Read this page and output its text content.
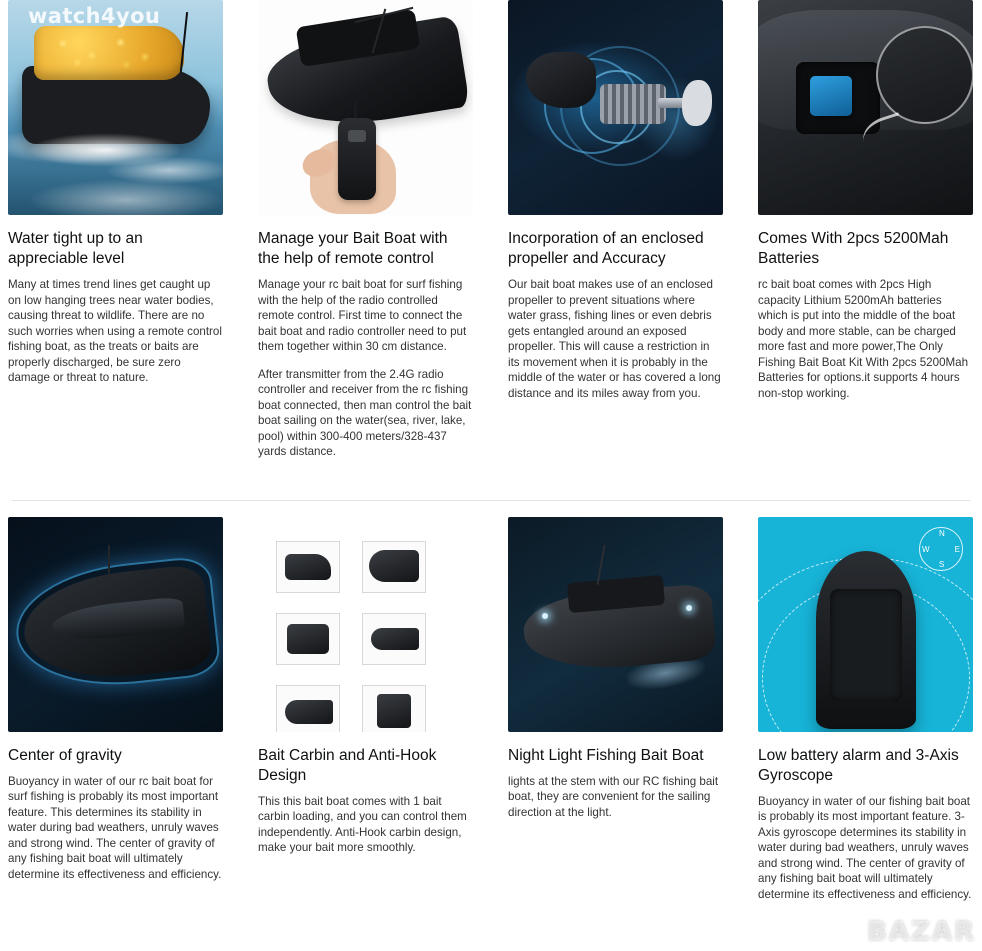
watch4you
Water tight up to an appreciable level

Many at times trend lines get caught up on low hanging trees near water bodies, causing threat to wildlife. There are no such worries when using a remote control fishing boat, as the treats or baits are properly discharged, be sure zero damage or threat to nature.

Manage your Bait Boat with the help of remote control

Manage your rc bait boat for surf fishing with the help of the radio controlled remote control. First time to connect the bait boat and radio controller need to put them together within 30 cm distance.

After transmitter from the 2.4G radio controller and receiver from the rc fishing boat connected, then man control the bait boat sailing on the water(sea, river, lake, pool) within 300-400 meters/328-437 yards distance.

Incorporation of an enclosed propeller and Accuracy

Our bait boat makes use of an enclosed propeller to prevent situations where water grass, fishing lines or even debris gets entangled around an exposed propeller. This will cause a restriction in its movement when it is probably in the middle of the water or has covered a long distance and its miles away from you.

Comes With 2pcs 5200Mah Batteries

rc bait boat comes with 2pcs High capacity Lithium 5200mAh batteries which is put into the middle of the boat body and more stable, can be charged more fast and more power,The Only Fishing Bait Boat Kit With 2pcs 5200Mah Batteries for options.it supports 4 hours non-stop working.

Center of gravity

Buoyancy in water of our rc bait boat for surf fishing is probably its most important feature. This determines its stability in water during bad weathers, unruly waves and strong wind. The center of gravity of any fishing bait boat will ultimately determine its effectiveness and efficiency.

Bait Carbin and Anti-Hook Design

This this bait boat comes with 1 bait carbin loading, and you can control them independently. Anti-Hook carbin design, make your bait more smoothly.

Night Light Fishing Bait Boat

lights at the stem with our RC fishing bait boat, they are convenient for the sailing direction at the light.

N
S
E
W
Low battery alarm and 3-Axis Gyroscope

Buoyancy in water of our fishing bait boat is probably its most important feature. 3-Axis gyroscope determines its stability in water during bad weathers, unruly waves and strong wind. The center of gravity of any fishing bait boat will ultimately determine its effectiveness and efficiency.

BAZAR
